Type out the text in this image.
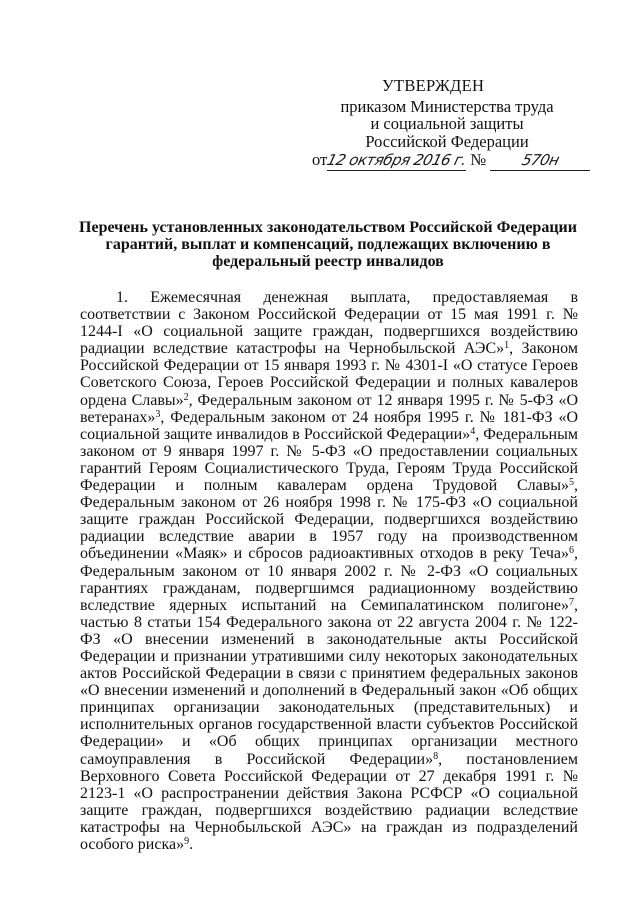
УТВЕРЖДЕН
приказом Министерства труда
и социальной защиты
Российской Федерации
от12 октября 2016 г. № 570н
Перечень установленных законодательством Российской Федерации гарантий, выплат и компенсаций, подлежащих включению в федеральный реестр инвалидов

1. Ежемесячная денежная выплата, предоставляемая в соответствии с Законом Российской Федерации от 15 мая 1991 г. № 1244-I «О социальной защите граждан, подвергшихся воздействию радиации вследствие катастрофы на Чернобыльской АЭС»$^1$, Законом Российской Федерации от 15 января 1993 г. № 4301-I «О статусе Героев Советского Союза, Героев Российской Федерации и полных кавалеров ордена Славы»$^2$, Федеральным законом от 12 января 1995 г. № 5-ФЗ «О ветеранах»$^3$, Федеральным законом от 24 ноября 1995 г. № 181-ФЗ «О социальной защите инвалидов в Российской Федерации»$^4$, Федеральным законом от 9 января 1997 г. № 5-ФЗ «О предоставлении социальных гарантий Героям Социалистического Труда, Героям Труда Российской Федерации и полным кавалерам ордена Трудовой Славы»$^5$, Федеральным законом от 26 ноября 1998 г. № 175-ФЗ «О социальной защите граждан Российской Федерации, подвергшихся воздействию радиации вследствие аварии в 1957 году на производственном объединении «Маяк» и сбросов радиоактивных отходов в реку Теча»$^6$, Федеральным законом от 10 января 2002 г. № 2-ФЗ «О социальных гарантиях гражданам, подвергшимся радиационному воздействию вследствие ядерных испытаний на Семипалатинском полигоне»$^7$, частью 8 статьи 154 Федерального закона от 22 августа 2004 г. № 122-ФЗ «О внесении изменений в законодательные акты Российской Федерации и признании утратившими силу некоторых законодательных актов Российской Федерации в связи с принятием федеральных законов «О внесении изменений и дополнений в Федеральный закон «Об общих принципах организации законодательных (представительных) и исполнительных органов государственной власти субъектов Российской Федерации» и «Об общих принципах организации местного самоуправления в Российской Федерации»$^8$, постановлением Верховного Совета Российской Федерации от 27 декабря 1991 г. № 2123-1 «О распространении действия Закона РСФСР «О социальной защите граждан, подвергшихся воздействию радиации вследствие катастрофы на Чернобыльской АЭС» на граждан из подразделений особого риска»$^9$.
